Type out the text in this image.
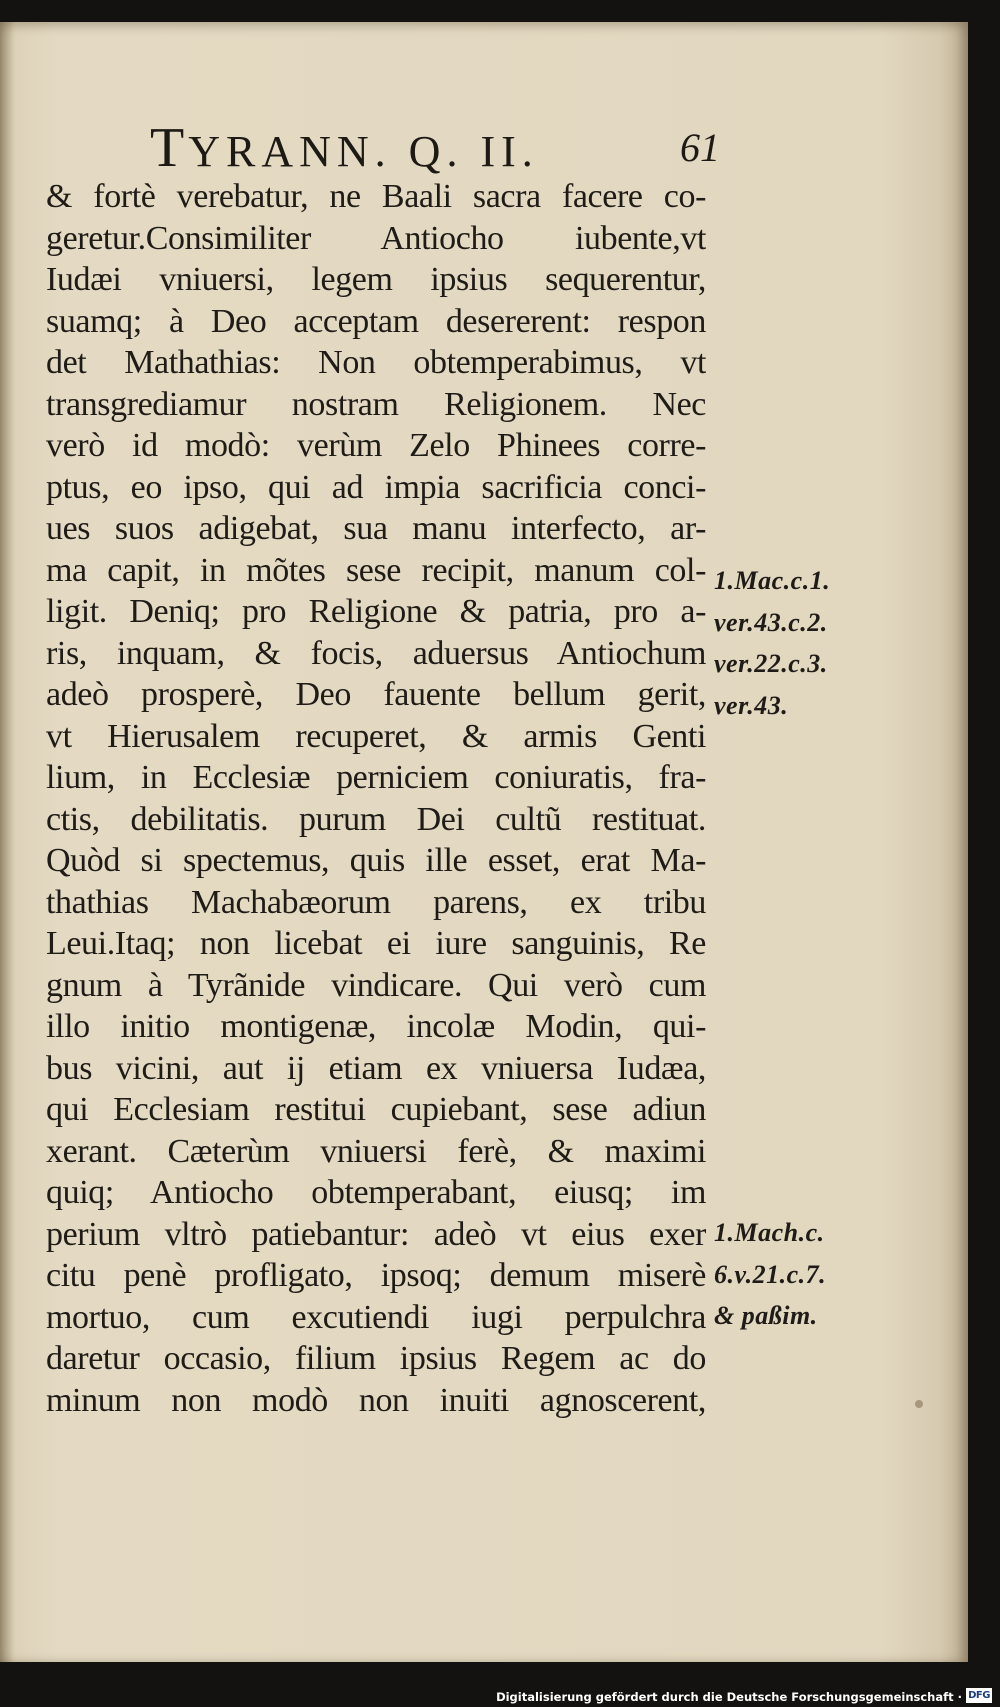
TYRANN. Q. II.	61
& fortè verebatur, ne Baali sacra facere co-
geretur.Consimiliter Antiocho iubente,vt
Iudæi vniuersi, legem ipsius sequerentur,
suamq; à Deo acceptam desererent: respon
det Mathathias: Non obtemperabimus, vt
transgrediamur nostram Religionem. Nec
verò id modò: verùm Zelo Phinees corre-
ptus, eo ipso, qui ad impia sacrificia conci-
ues suos adigebat, sua manu interfecto, ar-
ma capit, in mõtes sese recipit, manum col-
ligit. Deniq; pro Religione & patria, pro a-
ris, inquam, & focis, aduersus Antiochum
adeò prosperè, Deo fauente bellum gerit,
vt Hierusalem recuperet, & armis Genti
lium, in Ecclesiæ perniciem coniuratis, fra-
ctis, debilitatis. purum Dei cultũ restituat.
Quòd si spectemus, quis ille esset, erat Ma-
thathias Machabæorum parens, ex tribu
Leui.Itaq; non licebat ei iure sanguinis, Re
gnum à Tyrãnide vindicare. Qui verò cum
illo initio montigenæ, incolæ Modin, qui-
bus vicini, aut ij etiam ex vniuersa Iudæa,
qui Ecclesiam restitui cupiebant, sese adiun
xerant. Cæterùm vniuersi ferè, & maximi
quiq; Antiocho obtemperabant, eiusq; im
perium vltrò patiebantur: adeò vt eius exer
citu penè profligato, ipsoq; demum miserè
mortuo, cum excutiendi iugi perpulchra
daretur occasio, filium ipsius Regem ac do
minum non modò non inuiti agnoscerent,
1.Mac.c.1.
ver.43.c.2.
ver.22.c.3.
ver.43.
1.Mach.c.
6.v.21.c.7.
& paßim.
Digitalisierung gefördert durch die Deutsche Forschungsgemeinschaft · DFG
